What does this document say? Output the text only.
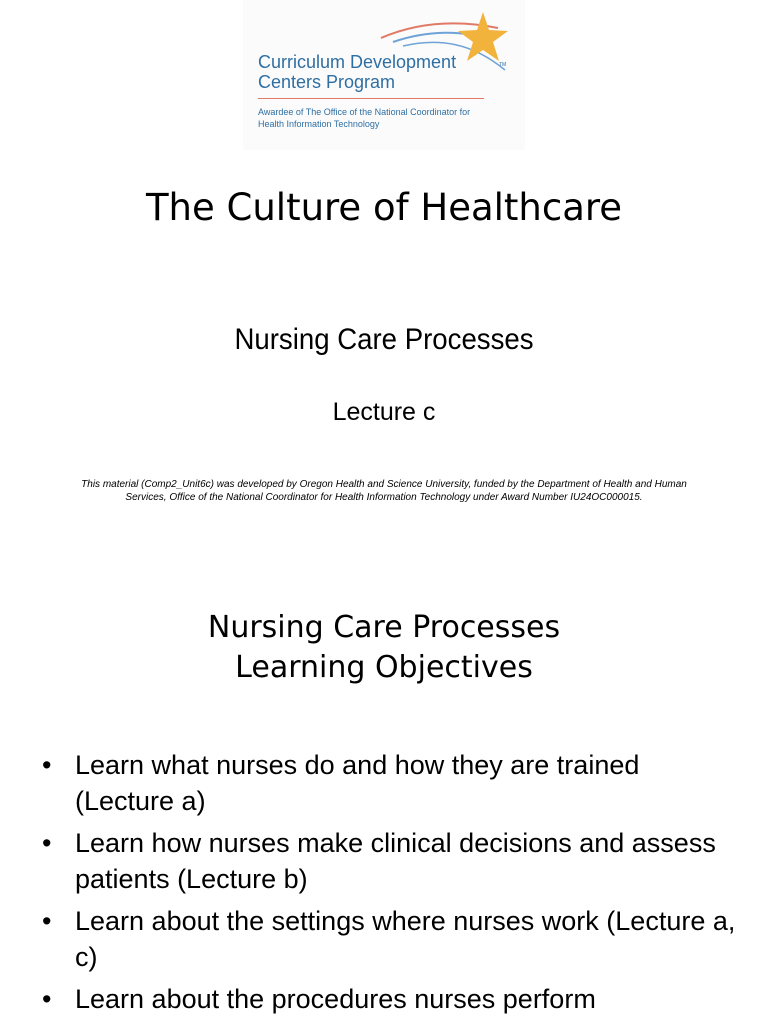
Curriculum Development
Centers Program
TM
Awardee of The Office of the National Coordinator for
Health Information Technology
The Culture of Healthcare
Nursing Care Processes
Lecture c
This material (Comp2_Unit6c) was developed by Oregon Health and Science University, funded by the Department of Health and Human Services, Office of the National Coordinator for Health Information Technology under Award Number IU24OC000015.
Nursing Care Processes
Learning Objectives
• Learn what nurses do and how they are trained (Lecture a)
• Learn how nurses make clinical decisions and assess patients (Lecture b)
• Learn about the settings where nurses work (Lecture a, c)
• Learn about the procedures nurses perform
